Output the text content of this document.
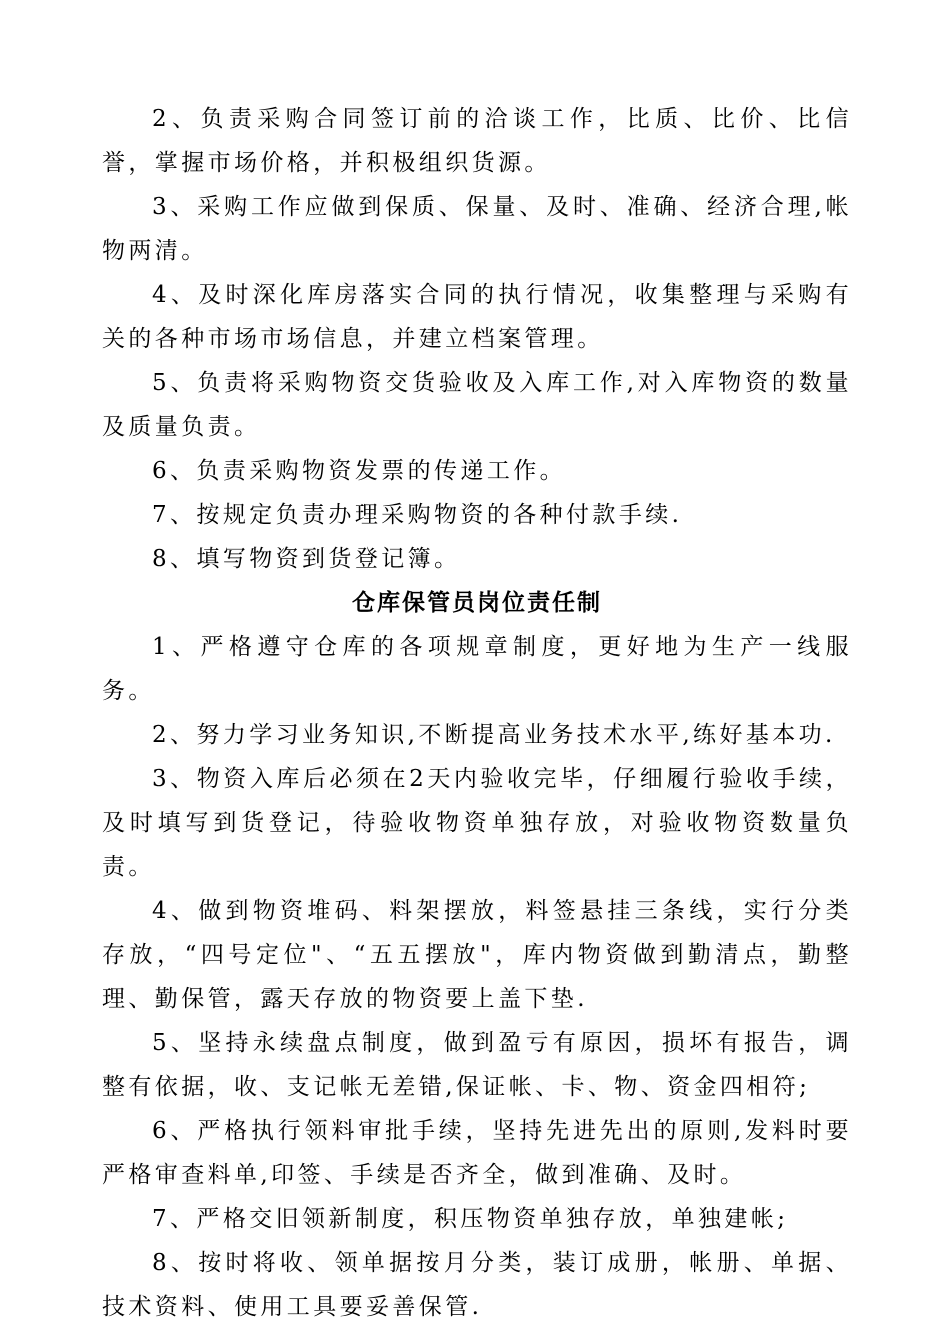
2、负责采购合同签订前的洽谈工作，比质、比价、比信誉，掌握市场价格，并积极组织货源。

3、采购工作应做到保质、保量、及时、准确、经济合理,帐物两清。

4、及时深化库房落实合同的执行情况，收集整理与采购有关的各种市场市场信息，并建立档案管理。

5、负责将采购物资交货验收及入库工作,对入库物资的数量及质量负责。

6、负责采购物资发票的传递工作。

7、按规定负责办理采购物资的各种付款手续.

8、填写物资到货登记簿。

仓库保管员岗位责任制

1、严格遵守仓库的各项规章制度，更好地为生产一线服务。

2、努力学习业务知识,不断提高业务技术水平,练好基本功.

3、物资入库后必须在2天内验收完毕，仔细履行验收手续，及时填写到货登记，待验收物资单独存放，对验收物资数量负责。

4、做到物资堆码、料架摆放，料签悬挂三条线，实行分类存放，“四号定位"、“五五摆放"，库内物资做到勤清点，勤整理、勤保管，露天存放的物资要上盖下垫.

5、坚持永续盘点制度，做到盈亏有原因，损坏有报告，调整有依据，收、支记帐无差错,保证帐、卡、物、资金四相符;

6、严格执行领料审批手续，坚持先进先出的原则,发料时要严格审查料单,印签、手续是否齐全，做到准确、及时。

7、严格交旧领新制度，积压物资单独存放，单独建帐;

8、按时将收、领单据按月分类，装订成册，帐册、单据、技术资料、使用工具要妥善保管.
